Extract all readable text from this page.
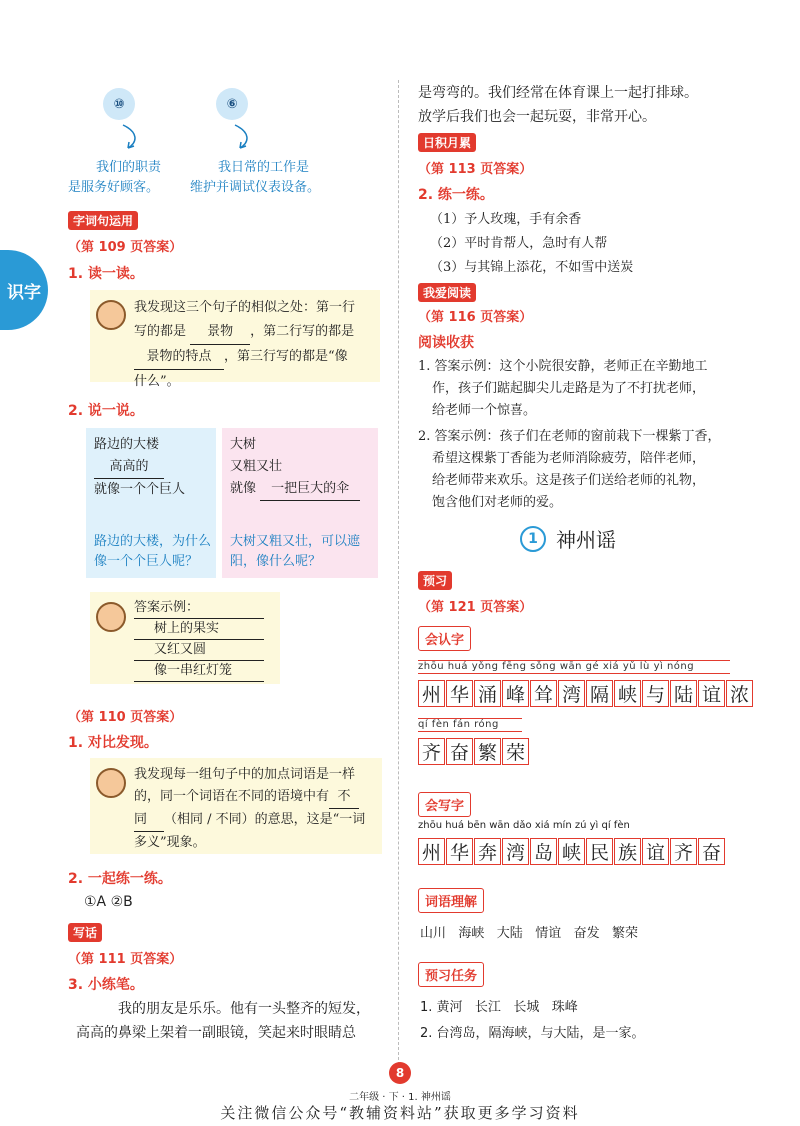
识字
⑩	⑥
我们的职责
是服务好顾客。
我日常的工作是
维护并调试仪表设备。
字词句运用
（第 109 页答案）
1. 读一读。
我发现这三个句子的相似之处：第一行
写的都是 景物 ，第二行写的都是
景物的特点 ，第三行写的都是“像
什么”。
2. 说一说。
路边的大楼
高高的
就像一个个巨人
路边的大楼，为什么
像一个个巨人呢？
大树
又粗又壮
就像 一把巨大的伞
大树又粗又壮，可以遮
阳，像什么呢？
答案示例： 树上的果实 又红又圆 像一串红灯笼
（第 110 页答案）
1. 对比发现。
我发现每一组句子中的加点词语是一样
的，同一个词语在不同的语境中有 不
同 （相同 / 不同）的意思，这是“一词
多义”现象。
2. 一起练一练。
①A ②B
写话
（第 111 页答案）
3. 小练笔。
我的朋友是乐乐。他有一头整齐的短发，
高高的鼻梁上架着一副眼镜，笑起来时眼睛总
是弯弯的。我们经常在体育课上一起打排球。
放学后我们也会一起玩耍，非常开心。
日积月累
（第 113 页答案）
2. 练一练。
（1）予人玫瑰，手有余香
（2）平时肯帮人，急时有人帮
（3）与其锦上添花，不如雪中送炭
我爱阅读
（第 116 页答案）
阅读收获
1. 答案示例：这个小院很安静，老师正在辛勤地工
作，孩子们踮起脚尖儿走路是为了不打扰老师，
给老师一个惊喜。
2. 答案示例：孩子们在老师的窗前栽下一棵紫丁香，
希望这棵紫丁香能为老师消除疲劳，陪伴老师，
给老师带来欢乐。这是孩子们送给老师的礼物，
饱含他们对老师的爱。
1 神州谣
预习
（第 121 页答案）
会认字
zhōu huá yǒng fēng sǒng wān gé xiá yǔ lù yì nóng
州 华 涌 峰 耸 湾 隔 峡 与 陆 谊 浓
qí fèn fán róng
齐 奋 繁 荣
会写字
zhōu huá bēn wān dǎo xiá mín zú yì qí fèn
州 华 奔 湾 岛 峡 民 族 谊 齐 奋
词语理解
山川   海峡   大陆   情谊   奋发   繁荣
预习任务
1. 黄河   长江   长城   珠峰
2. 台湾岛，隔海峡，与大陆，是一家。
8
二年级 · 下 · 1. 神州谣
关注微信公众号“教辅资料站”获取更多学习资料
